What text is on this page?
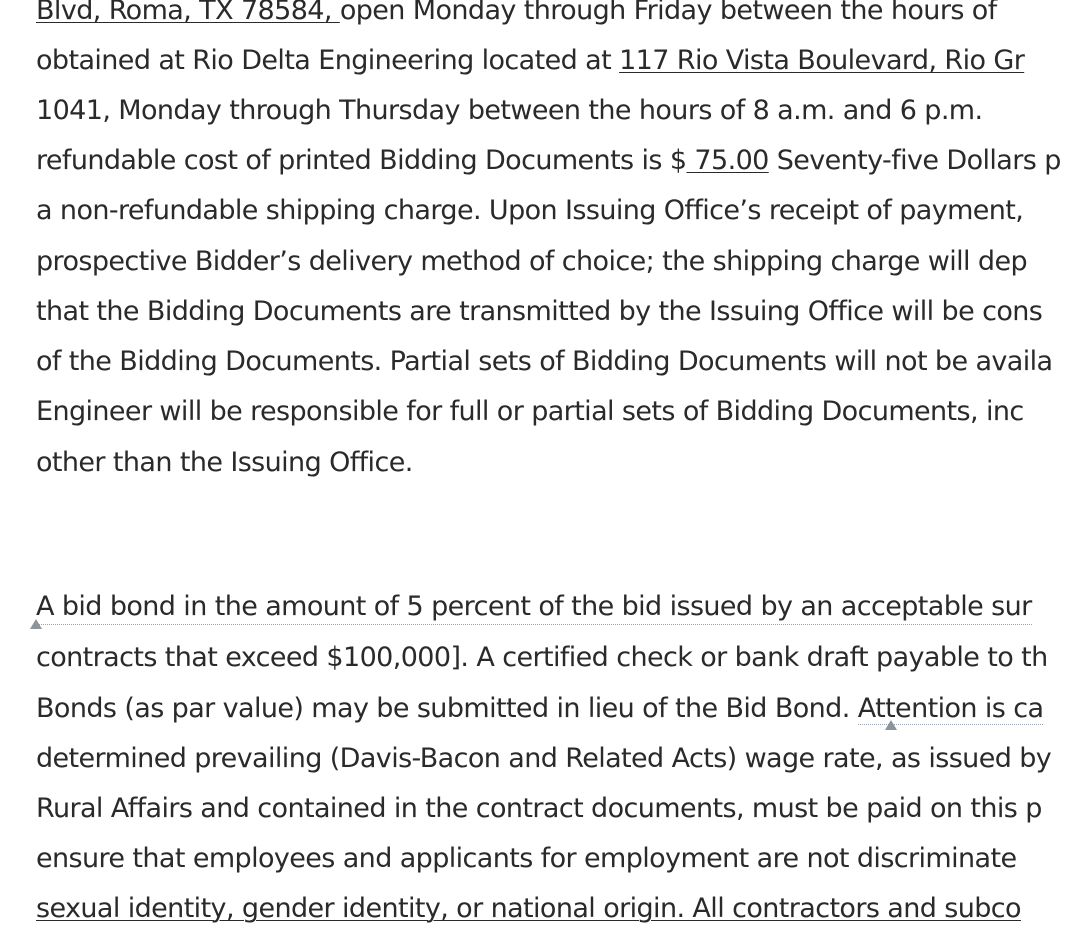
Blvd, Roma, TX 78584, open Monday through Friday between the hours of
obtained at Rio Delta Engineering located at 117 Rio Vista Boulevard, Rio Gr
1041, Monday through Thursday between the hours of 8 a.m. and 6 p.m.
refundable cost of printed Bidding Documents is $ 75.00 Seventy-five Dollars p
a non-refundable shipping charge. Upon Issuing Office’s receipt of payment,
prospective Bidder’s delivery method of choice; the shipping charge will dep
that the Bidding Documents are transmitted by the Issuing Office will be cons
of the Bidding Documents. Partial sets of Bidding Documents will not be availa
Engineer will be responsible for full or partial sets of Bidding Documents, inc
other than the Issuing Office.
A bid bond in the amount of 5 percent of the bid issued by an acceptable sur
contracts that exceed $100,000]. A certified check or bank draft payable to th
Bonds (as par value) may be submitted in lieu of the Bid Bond. Attention is ca
determined prevailing (Davis-Bacon and Related Acts) wage rate, as issued by
Rural Affairs and contained in the contract documents, must be paid on this p
ensure that employees and applicants for employment are not discriminate
sexual identity, gender identity, or national origin. All contractors and subco
